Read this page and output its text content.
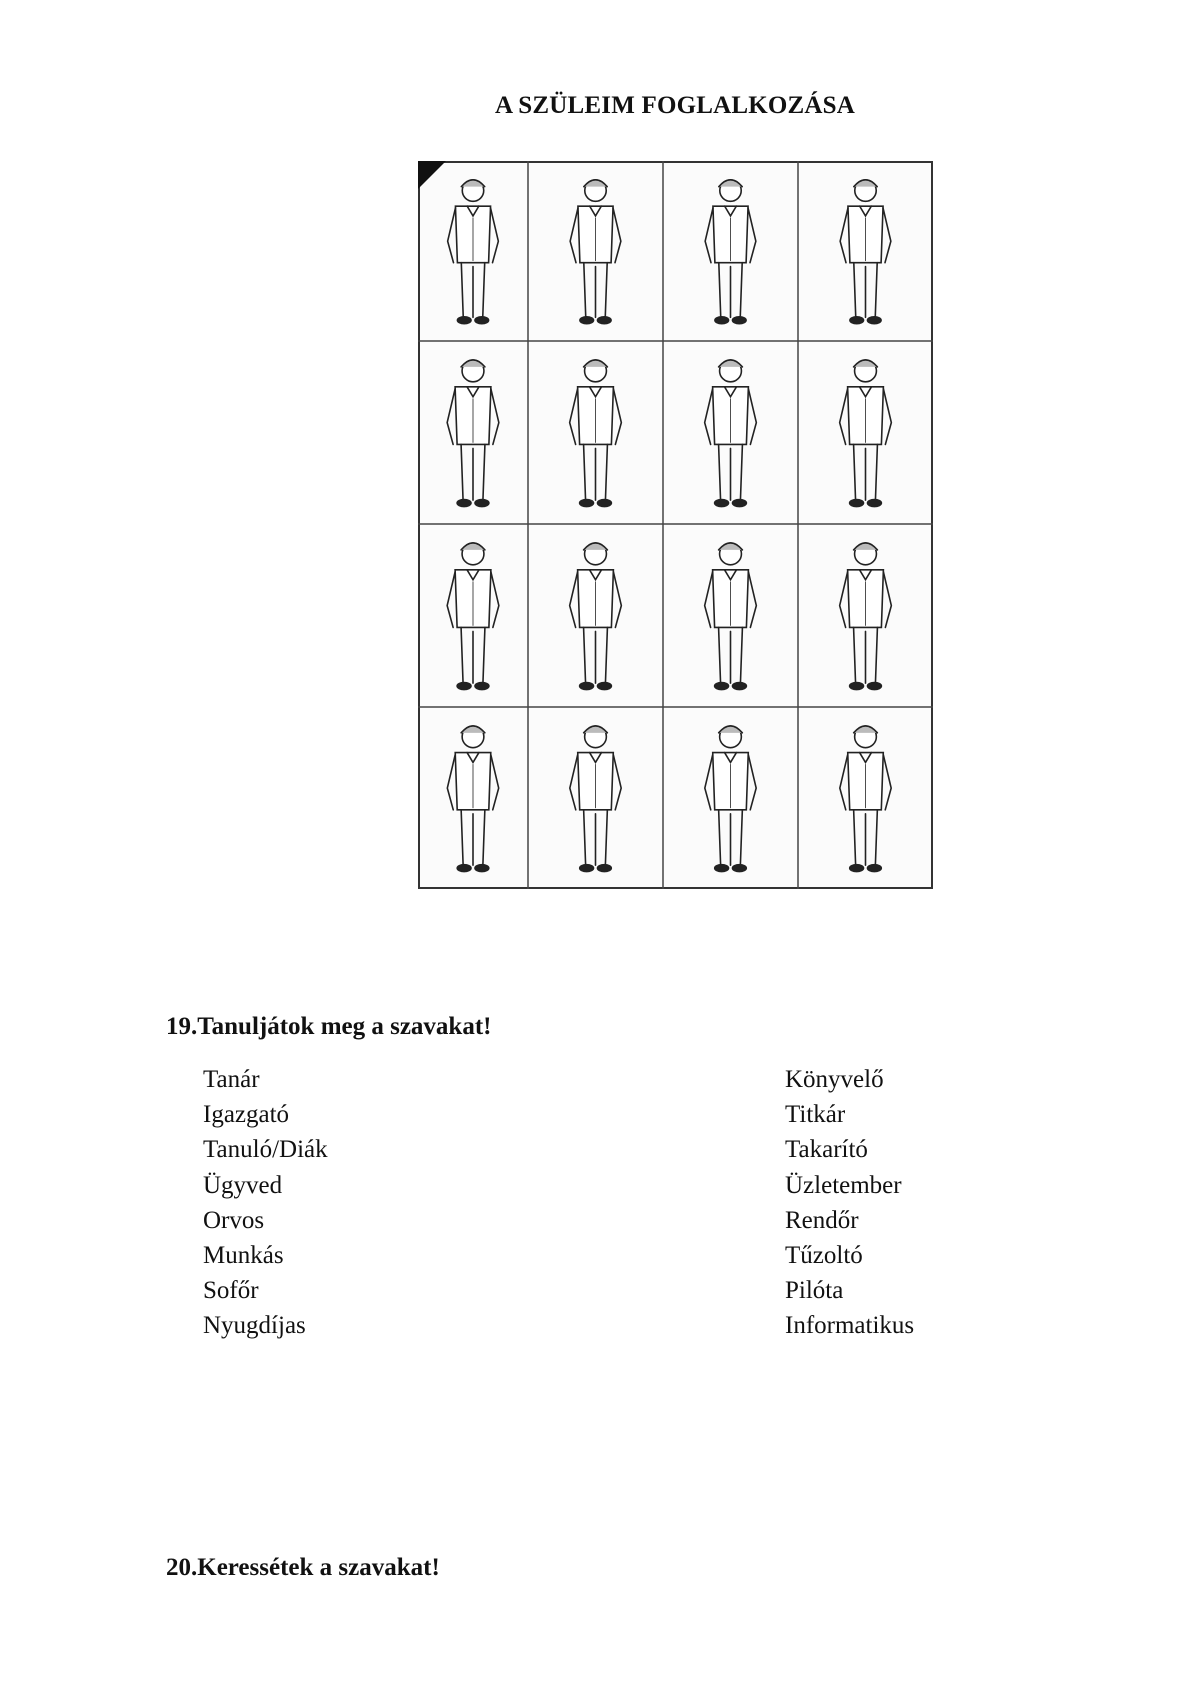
A SZÜLEIM FOGLALKOZÁSA
19.Tanuljátok meg a szavakat!
Tanár
Igazgató
Tanuló/Diák
Ügyved
Orvos
Munkás
Sofőr
Nyugdíjas
Könyvelő
Titkár
Takarító
Üzletember
Rendőr
Tűzoltó
Pilóta
Informatikus
20.Keressétek a szavakat!
